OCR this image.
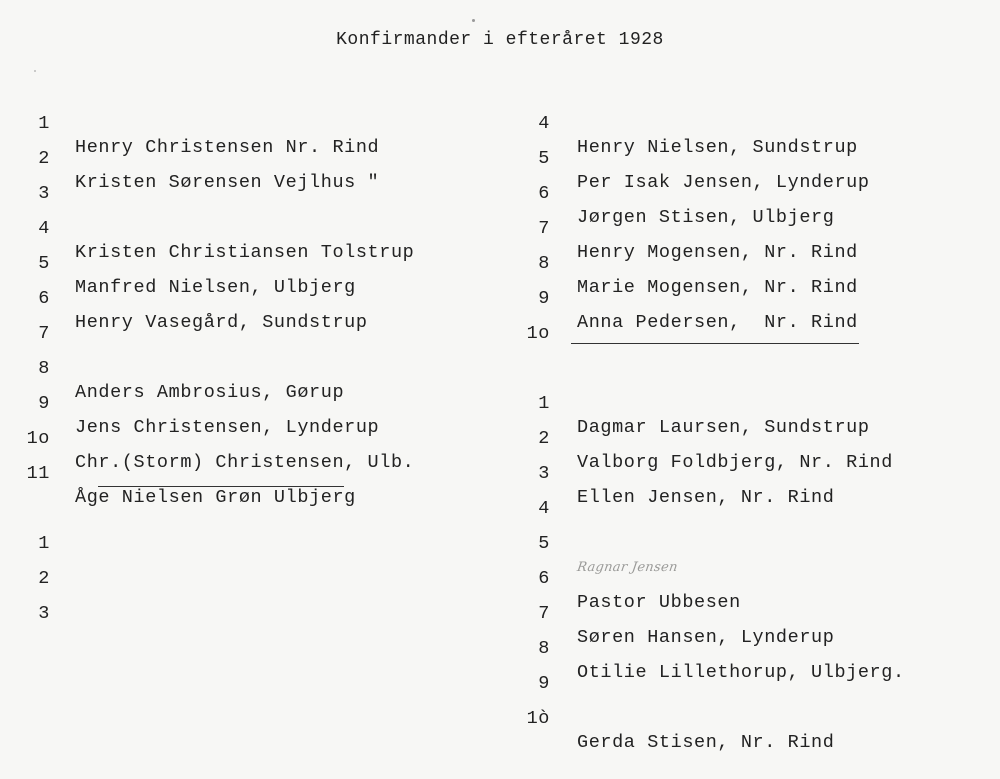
Konfirmander i efteråret 1928

1

Henry Christensen Nr. Rind

2

Kristen Sørensen Vejlhus "

3

4

Kristen Christiansen Tolstrup

5

Manfred Nielsen, Ulbjerg

6

Henry Vasegård, Sundstrup

7

8

Anders Ambrosius, Gørup

9

Jens Christensen, Lynderup

1o

Chr.(Storm) Christensen, Ulb.

11

Åge Nielsen Grøn Ulbjerg

1

2

3

4

Henry Nielsen, Sundstrup

5

Per Isak Jensen, Lynderup

6

Jørgen Stisen, Ulbjerg

7

Henry Mogensen, Nr. Rind

8

Marie Mogensen, Nr. Rind

9

Anna Pedersen,  Nr. Rind

1o

1

Dagmar Laursen, Sundstrup

2

Valborg Foldbjerg, Nr. Rind

3

Ellen Jensen, Nr. Rind

4

5

Ragnar Jensen

6

Pastor Ubbesen

7

Søren Hansen, Lynderup

8

Otilie Lillethorup, Ulbjerg.

9

1ò

Gerda Stisen, Nr. Rind
